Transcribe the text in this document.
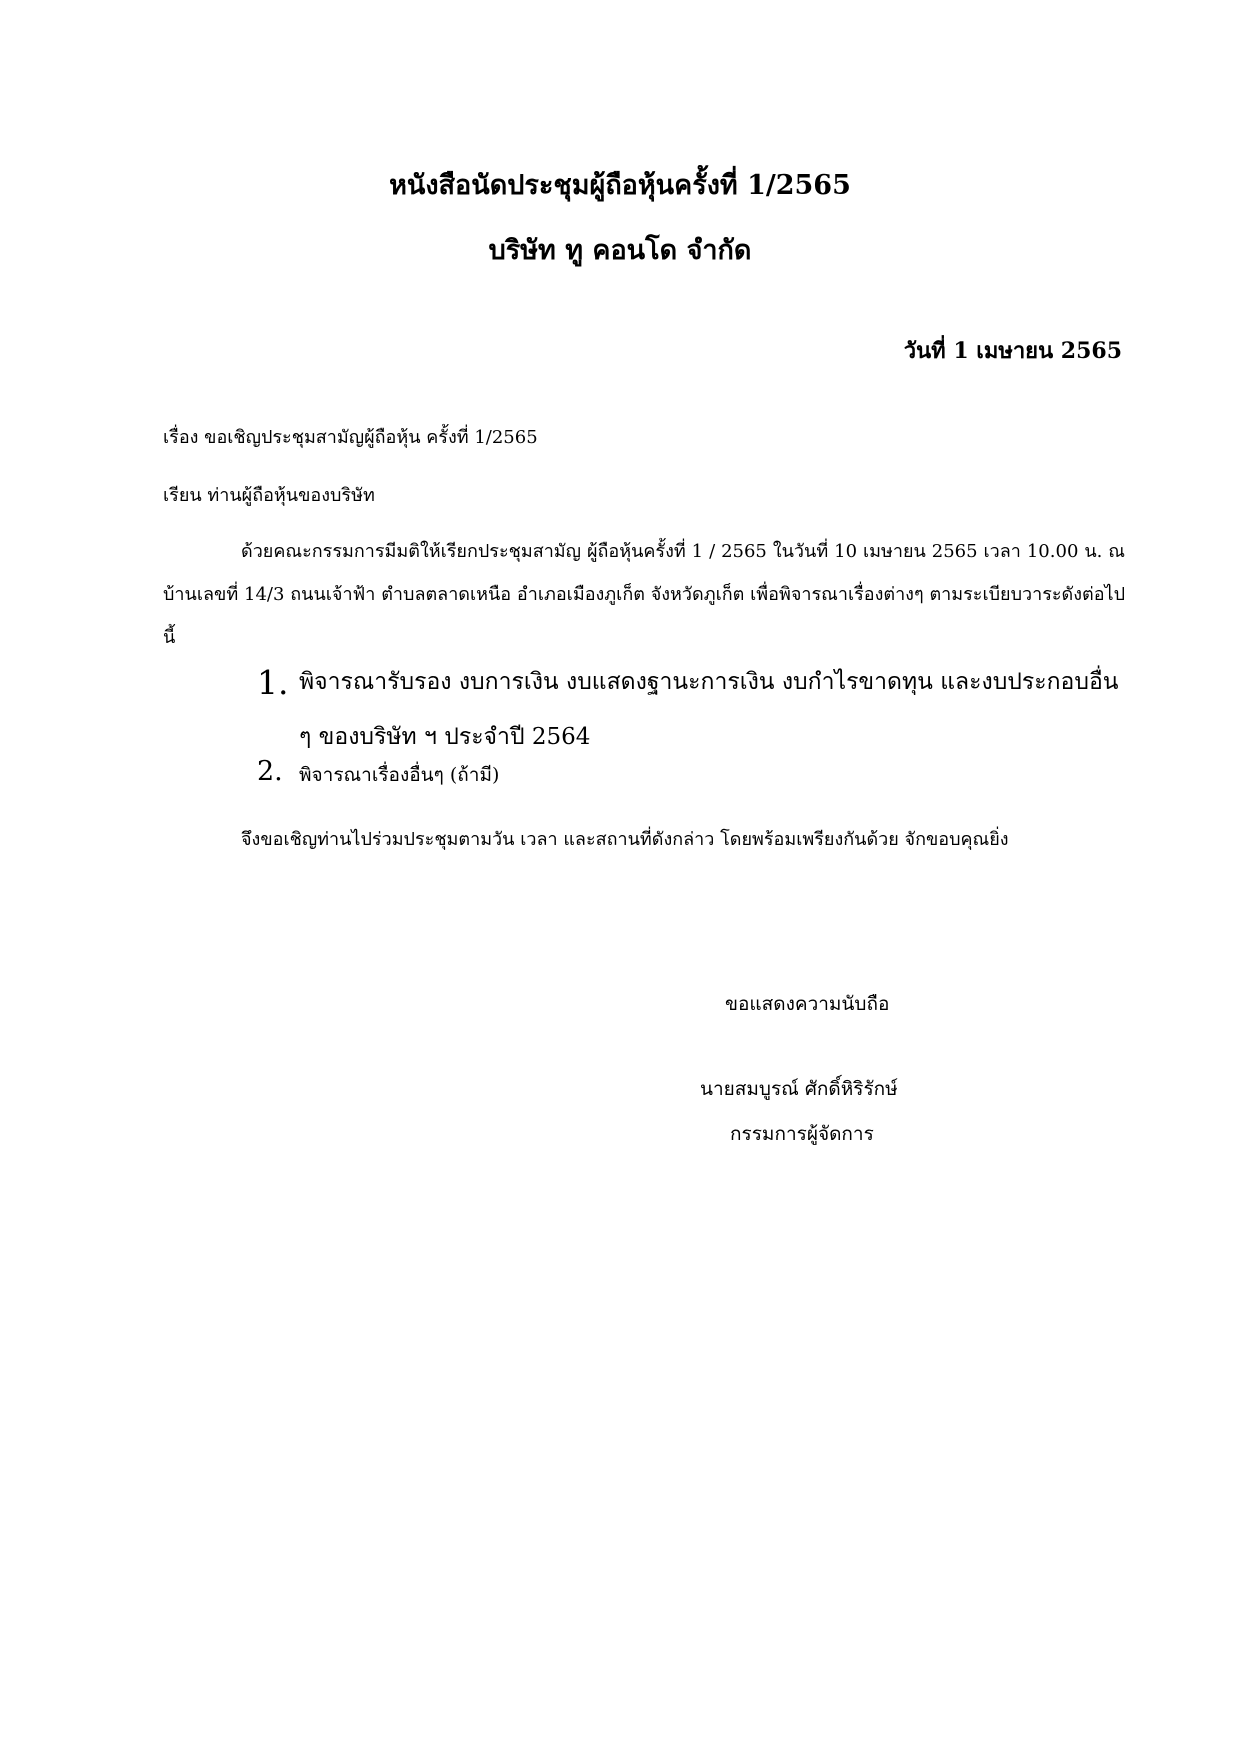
หนังสือนัดประชุมผู้ถือหุ้นครั้งที่ 1/2565
บริษัท ทู คอนโด จำกัด
วันที่ 1 เมษายน 2565
เรื่อง ขอเชิญประชุมสามัญผู้ถือหุ้น ครั้งที่ 1/2565
เรียน ท่านผู้ถือหุ้นของบริษัท
ด้วยคณะกรรมการมีมติให้เรียกประชุมสามัญ ผู้ถือหุ้นครั้งที่ 1 / 2565 ในวันที่ 10 เมษายน 2565 เวลา 10.00 น. ณ บ้านเลขที่ 14/3 ถนนเจ้าฟ้า ตำบลตลาดเหนือ อำเภอเมืองภูเก็ต จังหวัดภูเก็ต เพื่อพิจารณาเรื่องต่างๆ ตามระเบียบวาระดังต่อไปนี้
1. พิจารณารับรอง งบการเงิน งบแสดงฐานะการเงิน งบกำไรขาดทุน และงบประกอบอื่น ๆ ของบริษัท ฯ ประจำปี 2564
2. พิจารณาเรื่องอื่นๆ (ถ้ามี)
จึงขอเชิญท่านไปร่วมประชุมตามวัน เวลา และสถานที่ดังกล่าว โดยพร้อมเพรียงกันด้วย จักขอบคุณยิ่ง
ขอแสดงความนับถือ
นายสมบูรณ์ ศักดิ์หิริรักษ์
กรรมการผู้จัดการ
